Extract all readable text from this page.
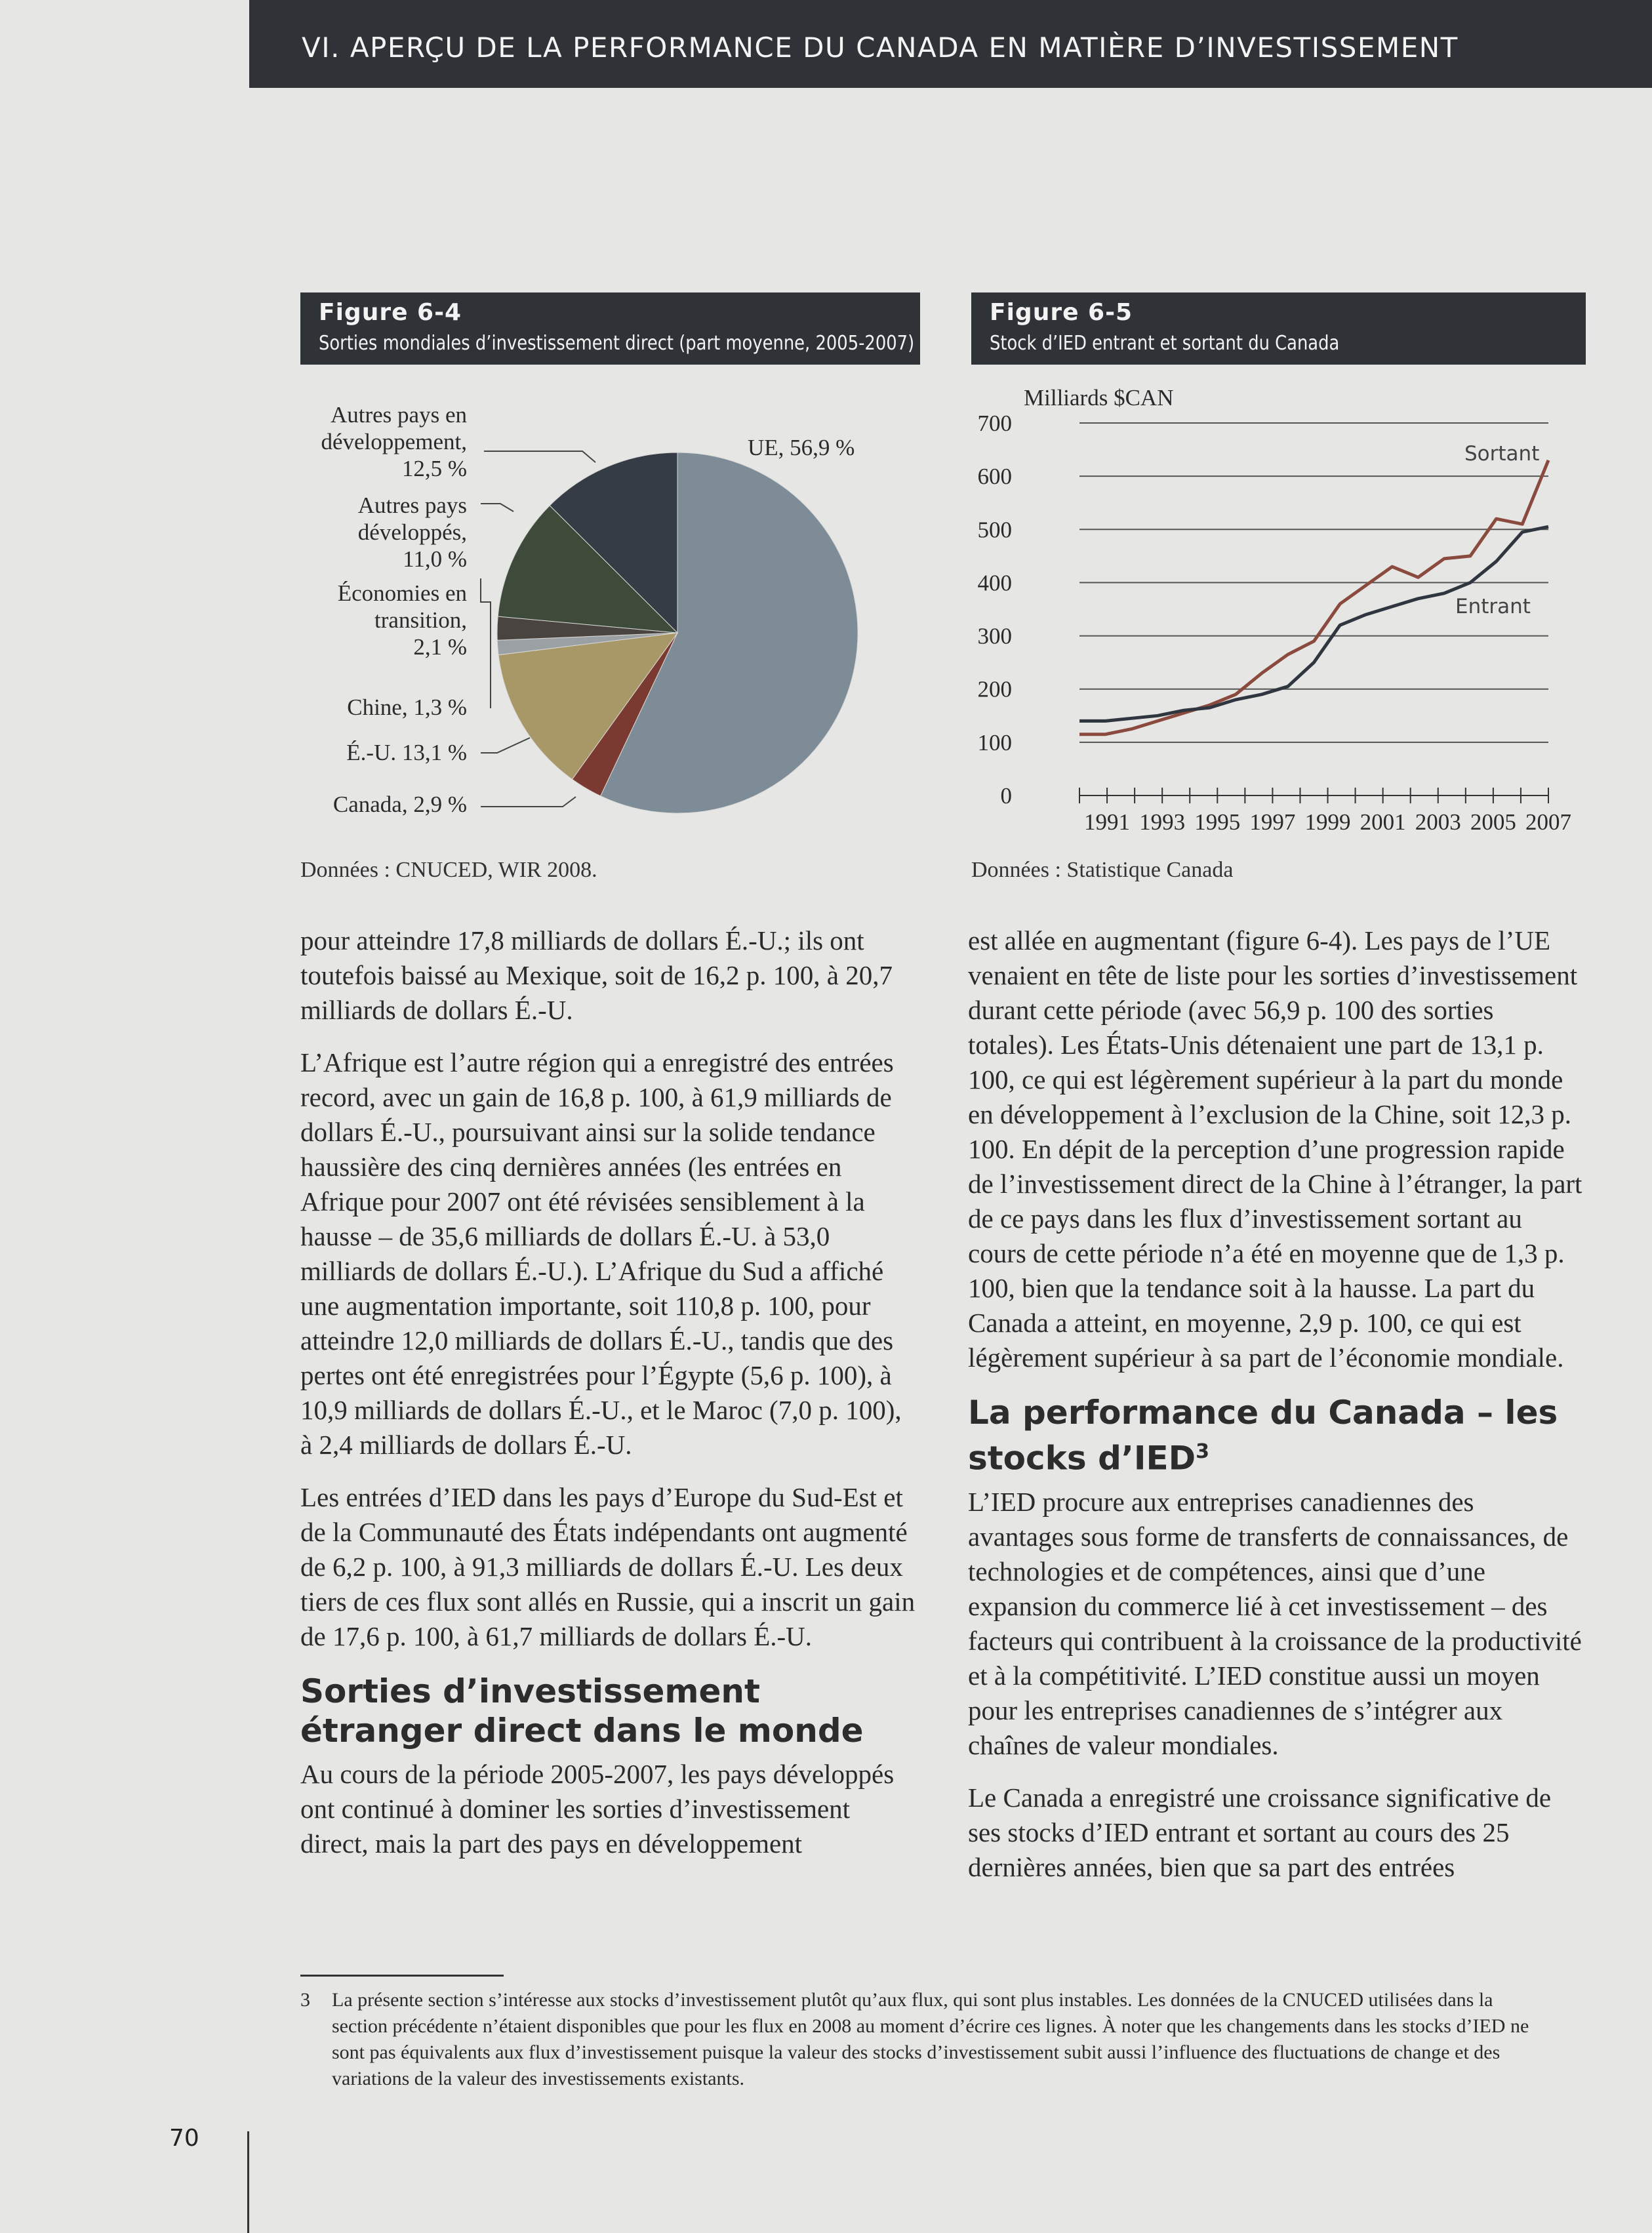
VI. APERÇU DE LA PERFORMANCE DU CANADA EN MATIÈRE D’INVESTISSEMENT
Figure 6-4
Sorties mondiales d’investissement direct (part moyenne, 2005-2007)
Figure 6-5
Stock d’IED entrant et sortant du Canada
Autres pays en
développement,
12,5 %
Autres pays
développés,
11,0 %
Économies en
transition,
2,1 %
Chine, 1,3 %
É.-U. 13,1 %
Canada, 2,9 %
UE, 56,9 %
Données : CNUCED, WIR 2008.
Milliards $CAN
0
100
200
300
400
500
600
700
1991 1993 1995 1997 1999 2001 2003 2005 2007
Sortant
Entrant
Données : Statistique Canada

pour atteindre 17,8 milliards de dollars É.-U.; ils ont toutefois baissé au Mexique, soit de 16,2 p. 100, à 20,7 milliards de dollars É.-U.

L’Afrique est l’autre région qui a enregistré des entrées record, avec un gain de 16,8 p. 100, à 61,9 milliards de dollars É.-U., poursuivant ainsi sur la solide tendance haussière des cinq dernières années (les entrées en Afrique pour 2007 ont été révisées sensiblement à la hausse – de 35,6 milliards de dollars É.-U. à 53,0 milliards de dollars É.-U.). L’Afrique du Sud a affiché une augmentation importante, soit 110,8 p. 100, pour atteindre 12,0 milliards de dollars É.-U., tandis que des pertes ont été enregistrées pour l’Égypte (5,6 p. 100), à 10,9 milliards de dollars É.-U., et le Maroc (7,0 p. 100), à 2,4 milliards de dollars É.-U.

Les entrées d’IED dans les pays d’Europe du Sud-Est et de la Communauté des États indépendants ont augmenté de 6,2 p. 100, à 91,3 milliards de dollars É.-U. Les deux tiers de ces flux sont allés en Russie, qui a inscrit un gain de 17,6 p. 100, à 61,7 milliards de dollars É.-U.

Sorties d’investissement étranger direct dans le monde

Au cours de la période 2005-2007, les pays développés ont continué à dominer les sorties d’investissement direct, mais la part des pays en développement

est allée en augmentant (figure 6-4). Les pays de l’UE venaient en tête de liste pour les sorties d’investissement durant cette période (avec 56,9 p. 100 des sorties totales). Les États-Unis détenaient une part de 13,1 p. 100, ce qui est légèrement supérieur à la part du monde en développement à l’exclusion de la Chine, soit 12,3 p. 100. En dépit de la perception d’une progression rapide de l’investissement direct de la Chine à l’étranger, la part de ce pays dans les flux d’investissement sortant au cours de cette période n’a été en moyenne que de 1,3 p. 100, bien que la tendance soit à la hausse. La part du Canada a atteint, en moyenne, 2,9 p. 100, ce qui est légèrement supérieur à sa part de l’économie mondiale.

La performance du Canada – les stocks d’IED$^3$

L’IED procure aux entreprises canadiennes des avantages sous forme de transferts de connaissances, de technologies et de compétences, ainsi que d’une expansion du commerce lié à cet investissement – des facteurs qui contribuent à la croissance de la productivité et à la compétitivité. L’IED constitue aussi un moyen pour les entreprises canadiennes de s’intégrer aux chaînes de valeur mondiales.

Le Canada a enregistré une croissance significative de ses stocks d’IED entrant et sortant au cours des 25 dernières années, bien que sa part des entrées

3 La présente section s’intéresse aux stocks d’investissement plutôt qu’aux flux, qui sont plus instables. Les données de la CNUCED utilisées dans la section précédente n’étaient disponibles que pour les flux en 2008 au moment d’écrire ces lignes. À noter que les changements dans les stocks d’IED ne sont pas équivalents aux flux d’investissement puisque la valeur des stocks d’investissement subit aussi l’influence des fluctuations de change et des variations de la valeur des investissements existants.
70
